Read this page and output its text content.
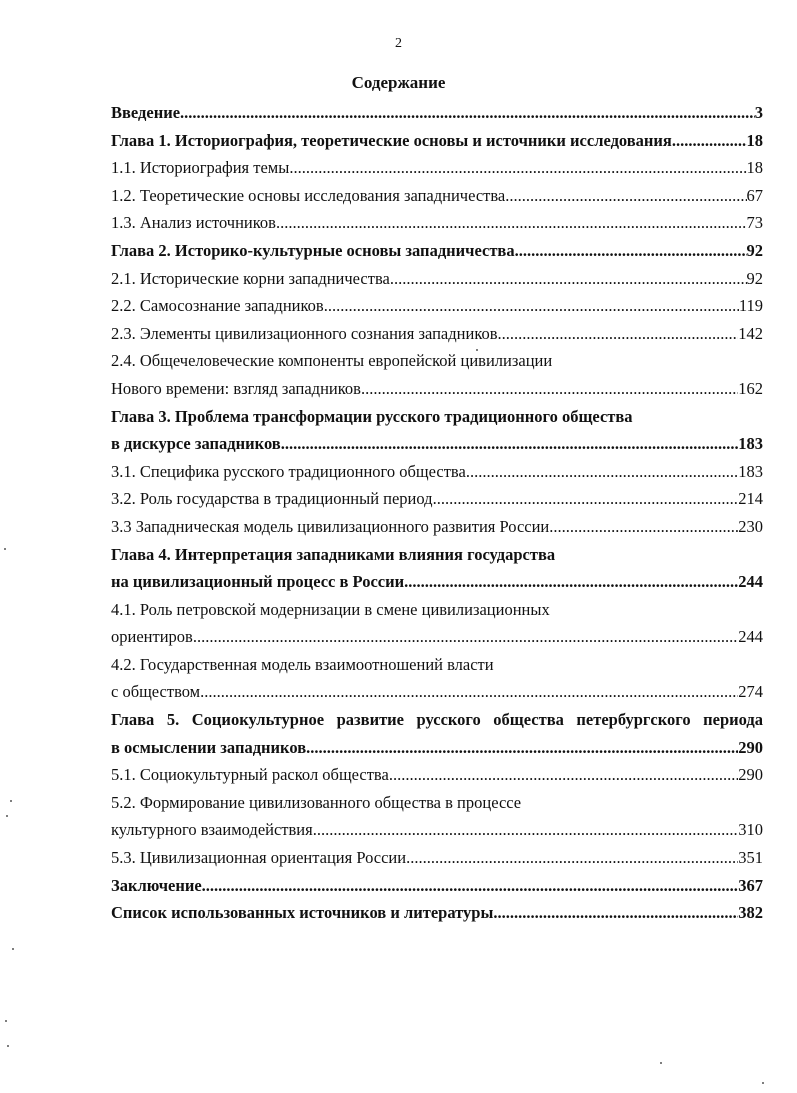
2
Содержание
Введение .....	3
Глава 1. Историография, теоретические основы и источники исследования .....	18
1.1. Историография темы .....	18
1.2. Теоретические основы исследования западничества .....	67
1.3. Анализ источников .....	73
Глава 2. Историко-культурные основы западничества .....	92
2.1. Исторические корни западничества .....	92
2.2. Самосознание западников .....	119
2.3. Элементы цивилизационного сознания западников .....	142
2.4. Общечеловеческие компоненты европейской цивилизации
Нового времени: взгляд западников .....	162
Глава 3. Проблема трансформации русского традиционного общества
в дискурсе западников .....	183
3.1. Специфика русского традиционного общества .....	183
3.2. Роль государства в традиционный период .....	214
3.3 Западническая модель цивилизационного развития России .....	230
Глава 4. Интерпретация западниками влияния государства
на цивилизационный процесс в России .....	244
4.1. Роль петровской модернизации в смене цивилизационных
ориентиров .....	244
4.2. Государственная модель взаимоотношений власти
с обществом .....	274
Глава 5. Социокультурное развитие русского общества петербургского периода
в осмыслении западников .....	290
5.1. Социокультурный раскол общества .....	290
5.2. Формирование цивилизованного общества в процессе
культурного взаимодействия .....	310
5.3. Цивилизационная ориентация России .....	351
Заключение .....	367
Список использованных источников и литературы .....	382
